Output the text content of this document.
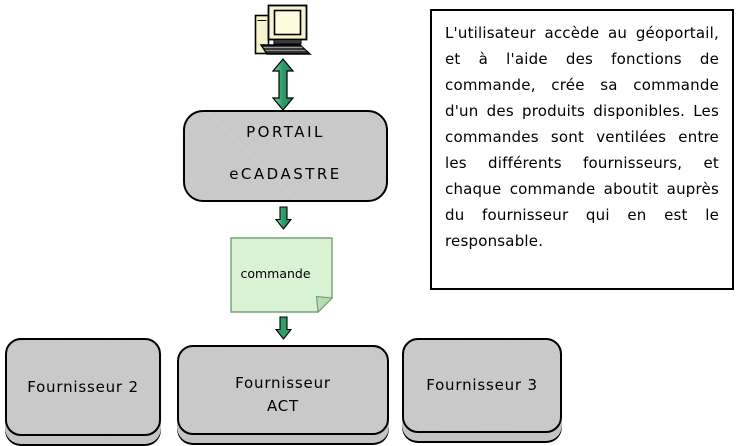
PORTAIL
eCADASTRE
commande
Fournisseur 2	Fournisseur
ACT
Fournisseur 3

L'utilisateur accède au géoportail, et à l'aide des fonctions de commande, crée sa commande d'un des produits disponibles. Les commandes sont ventilées entre les différents fournisseurs, et chaque commande aboutit auprès du fournisseur qui en est le responsable.
